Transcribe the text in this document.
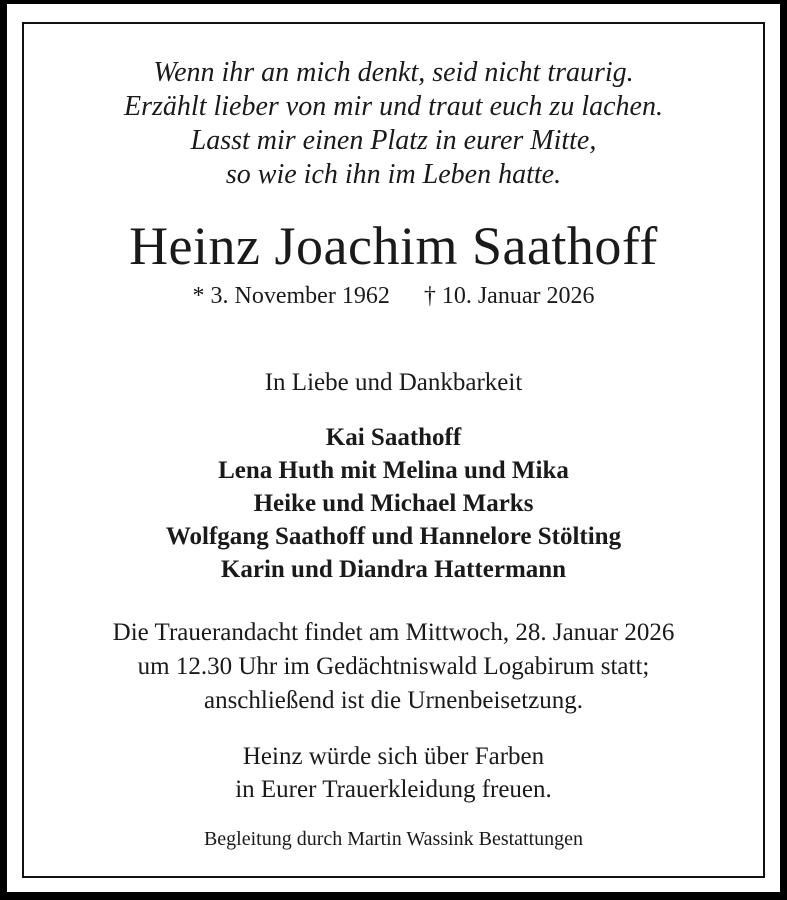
Wenn ihr an mich denkt, seid nicht traurig.
Erzählt lieber von mir und traut euch zu lachen.
Lasst mir einen Platz in eurer Mitte,
so wie ich ihn im Leben hatte.
Heinz Joachim Saathoff
* 3. November 1962 † 10. Januar 2026
In Liebe und Dankbarkeit
Kai Saathoff
Lena Huth mit Melina und Mika
Heike und Michael Marks
Wolfgang Saathoff und Hannelore Stölting
Karin und Diandra Hattermann
Die Trauerandacht findet am Mittwoch, 28. Januar 2026
um 12.30 Uhr im Gedächtniswald Logabirum statt;
anschließend ist die Urnenbeisetzung.
Heinz würde sich über Farben
in Eurer Trauerkleidung freuen.
Begleitung durch Martin Wassink Bestattungen
